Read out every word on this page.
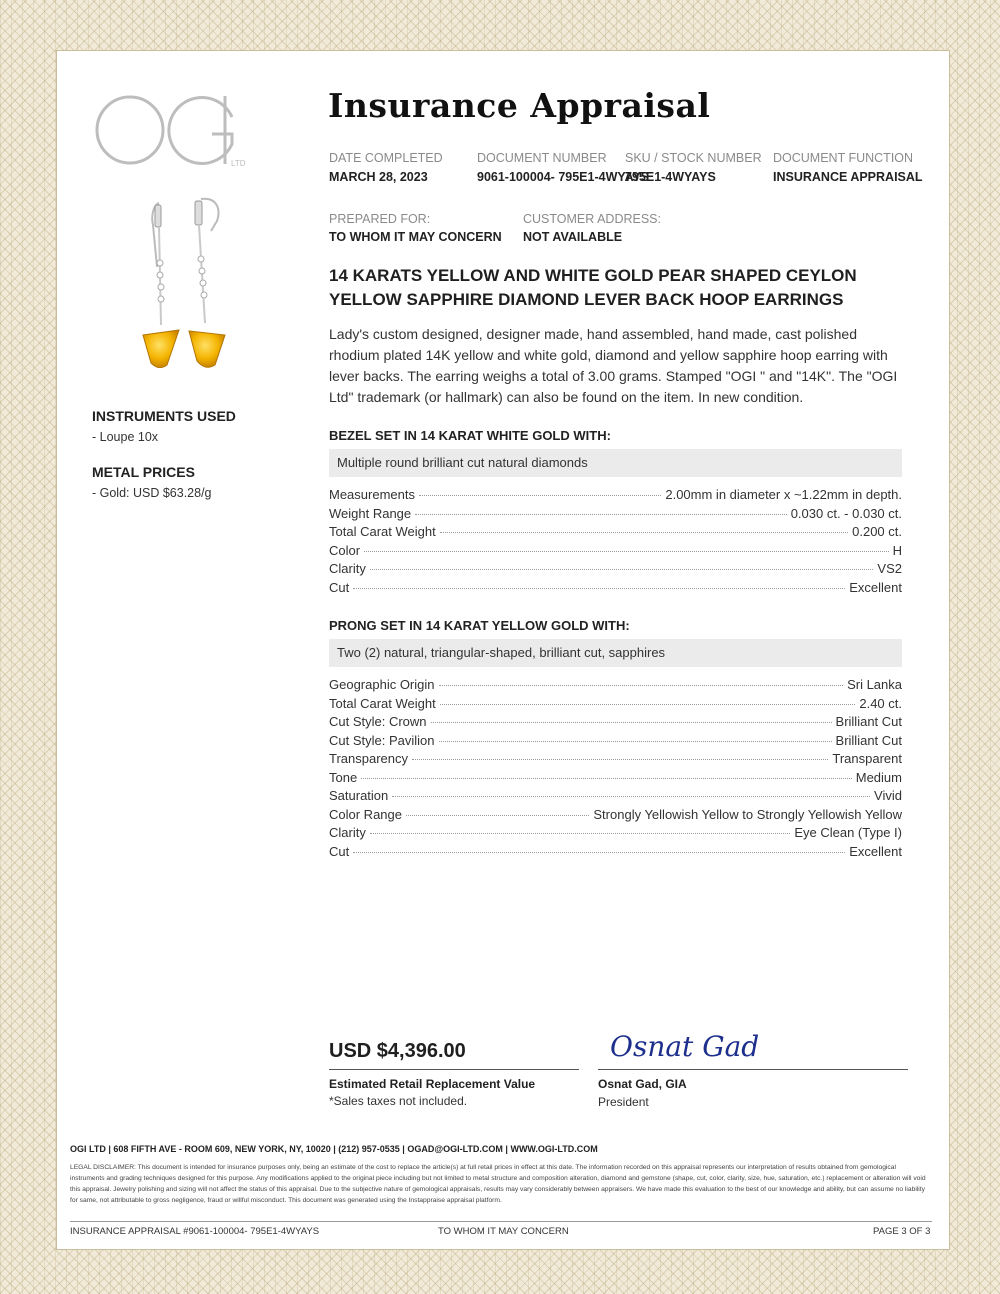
LTD
Insurance Appraisal
DATE COMPLETED
MARCH 28, 2023
DOCUMENT NUMBER
9061-100004- 795E1-4WYAYS
SKU / STOCK NUMBER
795E1-4WYAYS
DOCUMENT FUNCTION
INSURANCE APPRAISAL
PREPARED FOR:
TO WHOM IT MAY CONCERN
CUSTOMER ADDRESS:
NOT AVAILABLE
INSTRUMENTS USED
- Loupe 10x
METAL PRICES
- Gold: USD $63.28/g
14 KARATS YELLOW AND WHITE GOLD PEAR SHAPED CEYLON YELLOW SAPPHIRE DIAMOND LEVER BACK HOOP EARRINGS
Lady's custom designed, designer made, hand assembled, hand made, cast polished rhodium plated 14K yellow and white gold, diamond and yellow sapphire hoop earring with lever backs. The earring weighs a total of 3.00 grams. Stamped "OGI " and "14K". The "OGI Ltd" trademark (or hallmark) can also be found on the item. In new condition.
BEZEL SET IN 14 KARAT WHITE GOLD WITH:
Multiple round brilliant cut natural diamonds
Measurements	2.00mm in diameter x ~1.22mm in depth.
Weight Range	0.030 ct. - 0.030 ct.
Total Carat Weight	0.200 ct.
Color	H
Clarity	VS2
Cut	Excellent
PRONG SET IN 14 KARAT YELLOW GOLD WITH:
Two (2) natural, triangular-shaped, brilliant cut, sapphires
Geographic Origin	Sri Lanka
Total Carat Weight	2.40 ct.
Cut Style: Crown	Brilliant Cut
Cut Style: Pavilion	Brilliant Cut
Transparency	Transparent
Tone	Medium
Saturation	Vivid
Color Range	Strongly Yellowish Yellow to Strongly Yellowish Yellow
Clarity	Eye Clean (Type I)
Cut	Excellent
USD $4,396.00
Estimated Retail Replacement Value
*Sales taxes not included.
Osnat Gad
Osnat Gad, GIA
President
OGI LTD | 608 FIFTH AVE - ROOM 609, NEW YORK, NY, 10020 | (212) 957-0535 | OGAD@OGI-LTD.COM | WWW.OGI-LTD.COM
LEGAL DISCLAIMER: This document is intended for insurance purposes only, being an estimate of the cost to replace the article(s) at full retail prices in effect at this date. The information recorded on this appraisal represents our interpretation of results obtained from gemological instruments and grading techniques designed for this purpose. Any modifications applied to the original piece including but not limited to metal structure and composition alteration, diamond and gemstone (shape, cut, color, clarity, size, hue, saturation, etc.) replacement or alteration will void this appraisal. Jewelry polishing and sizing will not affect the status of this appraisal. Due to the subjective nature of gemological appraisals, results may vary considerably between appraisers. We have made this evaluation to the best of our knowledge and ability, but can assume no liability for same, not attributable to gross negligence, fraud or willful misconduct. This document was generated using the Instappraise appraisal platform.
INSURANCE APPRAISAL #9061-100004- 795E1-4WYAYS	TO WHOM IT MAY CONCERN	PAGE 3 OF 3
